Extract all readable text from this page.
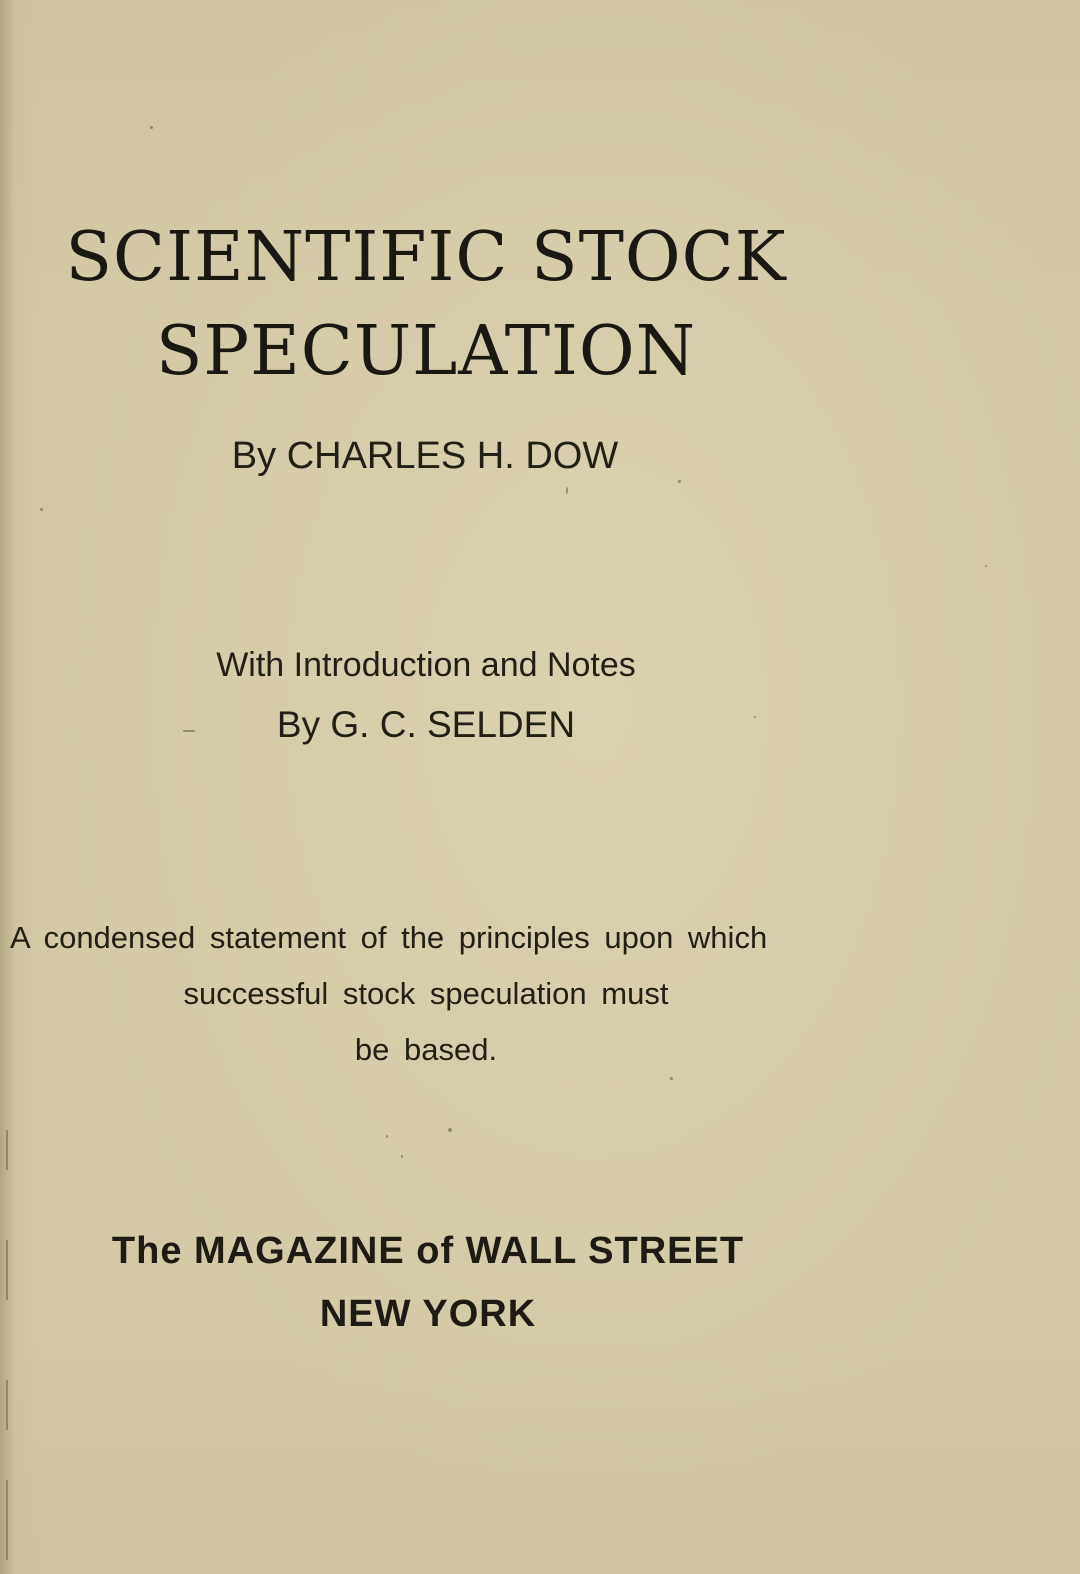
SCIENTIFIC STOCK
SPECULATION
By CHARLES H. DOW
With Introduction and Notes
By G. C. SELDEN
A condensed statement of the principles upon which
successful stock speculation must
be based.
The MAGAZINE of WALL STREET
NEW YORK
